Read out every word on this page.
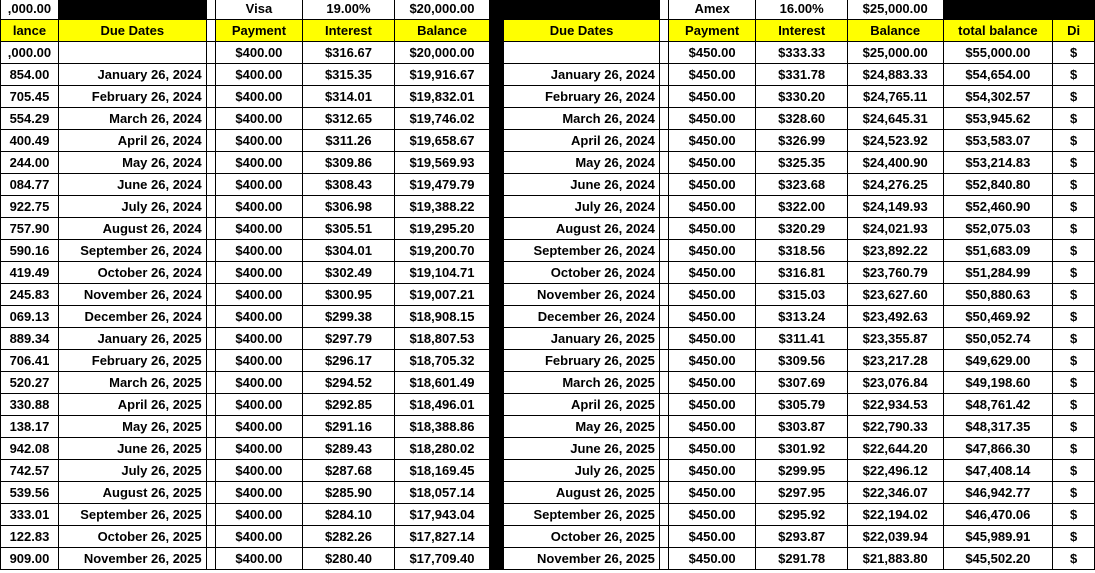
,000.00			Visa	19.00%	$20,000.00				Amex	16.00%	$25,000.00		
lance	Due Dates		Payment	Interest	Balance		Due Dates		Payment	Interest	Balance	total balance	Di
,000.00			$400.00	$316.67	$20,000.00				$450.00	$333.33	$25,000.00	$55,000.00	$
854.00	January 26, 2024		$400.00	$315.35	$19,916.67		January 26, 2024		$450.00	$331.78	$24,883.33	$54,654.00	$
705.45	February 26, 2024		$400.00	$314.01	$19,832.01		February 26, 2024		$450.00	$330.20	$24,765.11	$54,302.57	$
554.29	March 26, 2024		$400.00	$312.65	$19,746.02		March 26, 2024		$450.00	$328.60	$24,645.31	$53,945.62	$
400.49	April 26, 2024		$400.00	$311.26	$19,658.67		April 26, 2024		$450.00	$326.99	$24,523.92	$53,583.07	$
244.00	May 26, 2024		$400.00	$309.86	$19,569.93		May 26, 2024		$450.00	$325.35	$24,400.90	$53,214.83	$
084.77	June 26, 2024		$400.00	$308.43	$19,479.79		June 26, 2024		$450.00	$323.68	$24,276.25	$52,840.80	$
922.75	July 26, 2024		$400.00	$306.98	$19,388.22		July 26, 2024		$450.00	$322.00	$24,149.93	$52,460.90	$
757.90	August 26, 2024		$400.00	$305.51	$19,295.20		August 26, 2024		$450.00	$320.29	$24,021.93	$52,075.03	$
590.16	September 26, 2024		$400.00	$304.01	$19,200.70		September 26, 2024		$450.00	$318.56	$23,892.22	$51,683.09	$
419.49	October 26, 2024		$400.00	$302.49	$19,104.71		October 26, 2024		$450.00	$316.81	$23,760.79	$51,284.99	$
245.83	November 26, 2024		$400.00	$300.95	$19,007.21		November 26, 2024		$450.00	$315.03	$23,627.60	$50,880.63	$
069.13	December 26, 2024		$400.00	$299.38	$18,908.15		December 26, 2024		$450.00	$313.24	$23,492.63	$50,469.92	$
889.34	January 26, 2025		$400.00	$297.79	$18,807.53		January 26, 2025		$450.00	$311.41	$23,355.87	$50,052.74	$
706.41	February 26, 2025		$400.00	$296.17	$18,705.32		February 26, 2025		$450.00	$309.56	$23,217.28	$49,629.00	$
520.27	March 26, 2025		$400.00	$294.52	$18,601.49		March 26, 2025		$450.00	$307.69	$23,076.84	$49,198.60	$
330.88	April 26, 2025		$400.00	$292.85	$18,496.01		April 26, 2025		$450.00	$305.79	$22,934.53	$48,761.42	$
138.17	May 26, 2025		$400.00	$291.16	$18,388.86		May 26, 2025		$450.00	$303.87	$22,790.33	$48,317.35	$
942.08	June 26, 2025		$400.00	$289.43	$18,280.02		June 26, 2025		$450.00	$301.92	$22,644.20	$47,866.30	$
742.57	July 26, 2025		$400.00	$287.68	$18,169.45		July 26, 2025		$450.00	$299.95	$22,496.12	$47,408.14	$
539.56	August 26, 2025		$400.00	$285.90	$18,057.14		August 26, 2025		$450.00	$297.95	$22,346.07	$46,942.77	$
333.01	September 26, 2025		$400.00	$284.10	$17,943.04		September 26, 2025		$450.00	$295.92	$22,194.02	$46,470.06	$
122.83	October 26, 2025		$400.00	$282.26	$17,827.14		October 26, 2025		$450.00	$293.87	$22,039.94	$45,989.91	$
909.00	November 26, 2025		$400.00	$280.40	$17,709.40		November 26, 2025		$450.00	$291.78	$21,883.80	$45,502.20	$
